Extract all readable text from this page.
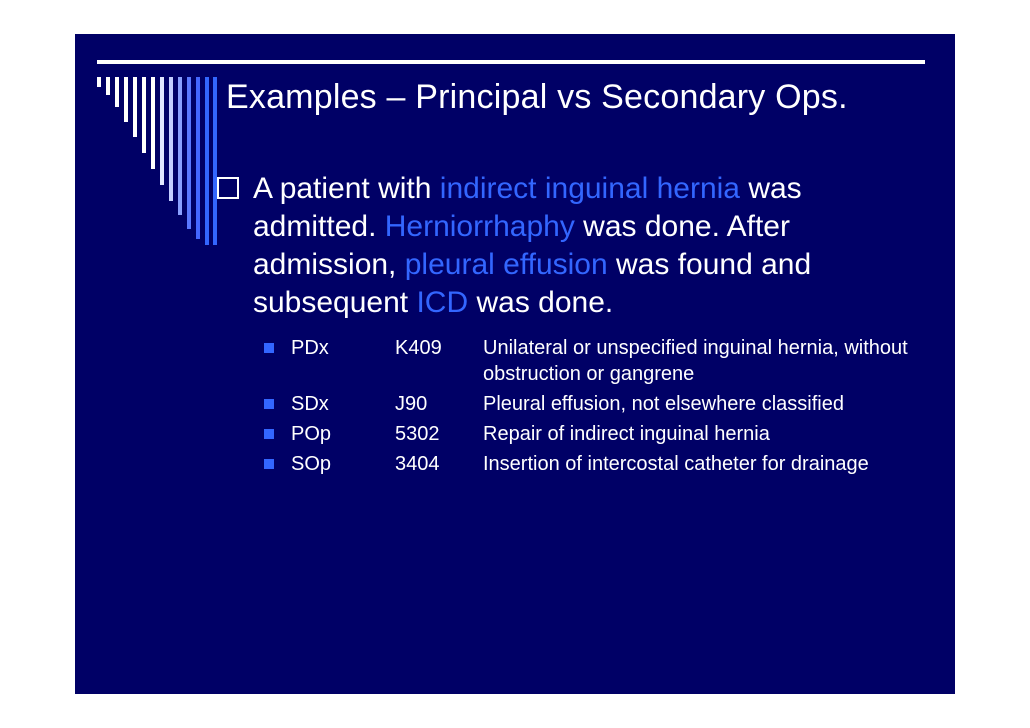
Examples – Principal vs Secondary Ops.

A patient with indirect inguinal hernia was admitted. Herniorrhaphy was done. After admission, pleural effusion was found and subsequent ICD was done.

PDx	K409	Unilateral or unspecified inguinal hernia, without obstruction or gangrene
SDx	J90	Pleural effusion, not elsewhere classified
POp	5302	Repair of indirect inguinal hernia
SOp	3404	Insertion of intercostal catheter for drainage
